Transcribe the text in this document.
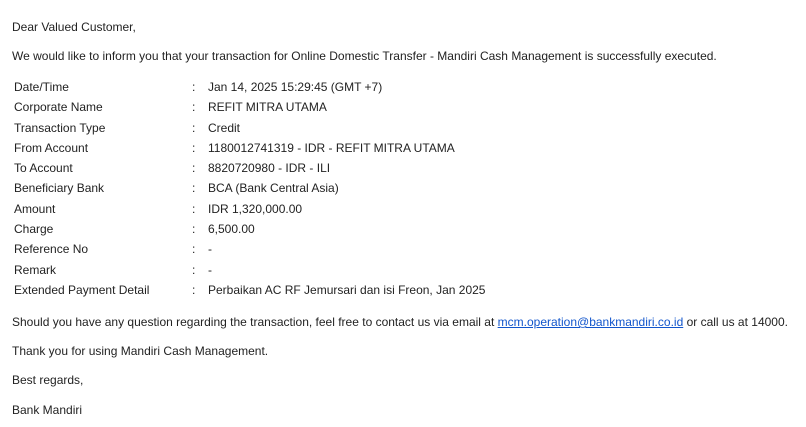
Dear Valued Customer,
We would like to inform you that your transaction for Online Domestic Transfer - Mandiri Cash Management is successfully executed.
Date/Time	: Jan 14, 2025 15:29:45 (GMT +7)
Corporate Name	: REFIT MITRA UTAMA
Transaction Type	: Credit
From Account	: 1180012741319 - IDR - REFIT MITRA UTAMA
To Account	: 8820720980 - IDR - ILI
Beneficiary Bank	: BCA (Bank Central Asia)
Amount	: IDR 1,320,000.00
Charge	: 6,500.00
Reference No	: -
Remark	: -
Extended Payment Detail	: Perbaikan AC RF Jemursari dan isi Freon, Jan 2025
Should you have any question regarding the transaction, feel free to contact us via email at mcm.operation@bankmandiri.co.id or call us at 14000.
Thank you for using Mandiri Cash Management.
Best regards,
Bank Mandiri
